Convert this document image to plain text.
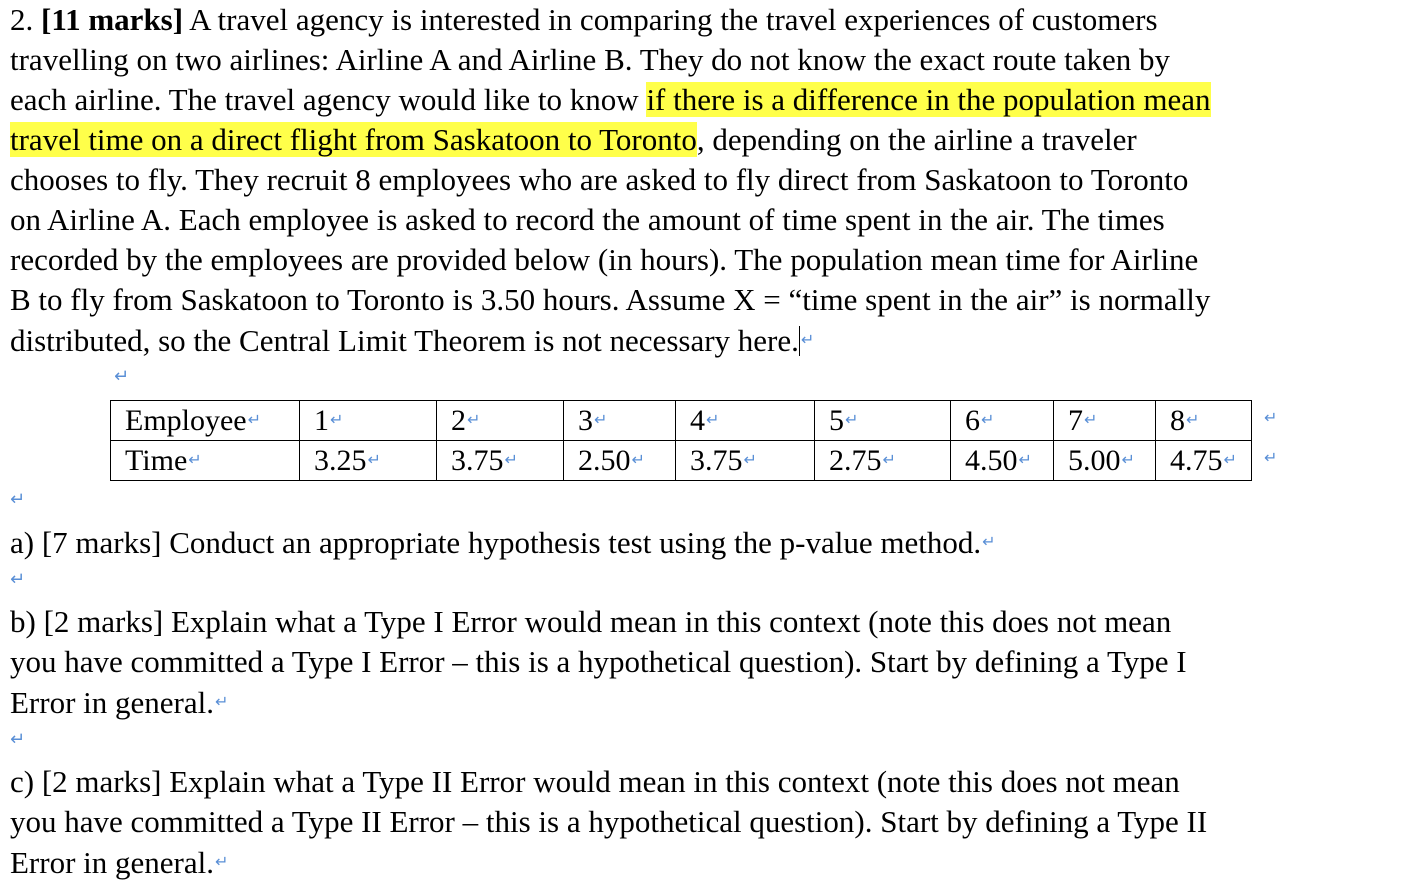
2. [11 marks] A travel agency is interested in comparing the travel experiences of customers
travelling on two airlines: Airline A and Airline B. They do not know the exact route taken by
each airline. The travel agency would like to know if there is a difference in the population mean
travel time on a direct flight from Saskatoon to Toronto, depending on the airline a traveler
chooses to fly. They recruit 8 employees who are asked to fly direct from Saskatoon to Toronto
on Airline A. Each employee is asked to record the amount of time spent in the air. The times
recorded by the employees are provided below (in hours). The population mean time for Airline
B to fly from Saskatoon to Toronto is 3.50 hours. Assume X = “time spent in the air” is normally
distributed, so the Central Limit Theorem is not necessary here. ↵
↵
Employee↵	1↵	2↵	3↵	4↵	5↵	6↵	7↵	8↵
Time↵	3.25↵	3.75↵	2.50↵	3.75↵	2.75↵	4.50↵	5.00↵	4.75↵
↵
↵
↵
a) [7 marks] Conduct an appropriate hypothesis test using the p-value method.↵
↵
b) [2 marks] Explain what a Type I Error would mean in this context (note this does not mean
you have committed a Type I Error – this is a hypothetical question). Start by defining a Type I
Error in general.↵
↵
c) [2 marks] Explain what a Type II Error would mean in this context (note this does not mean
you have committed a Type II Error – this is a hypothetical question). Start by defining a Type II
Error in general.↵
